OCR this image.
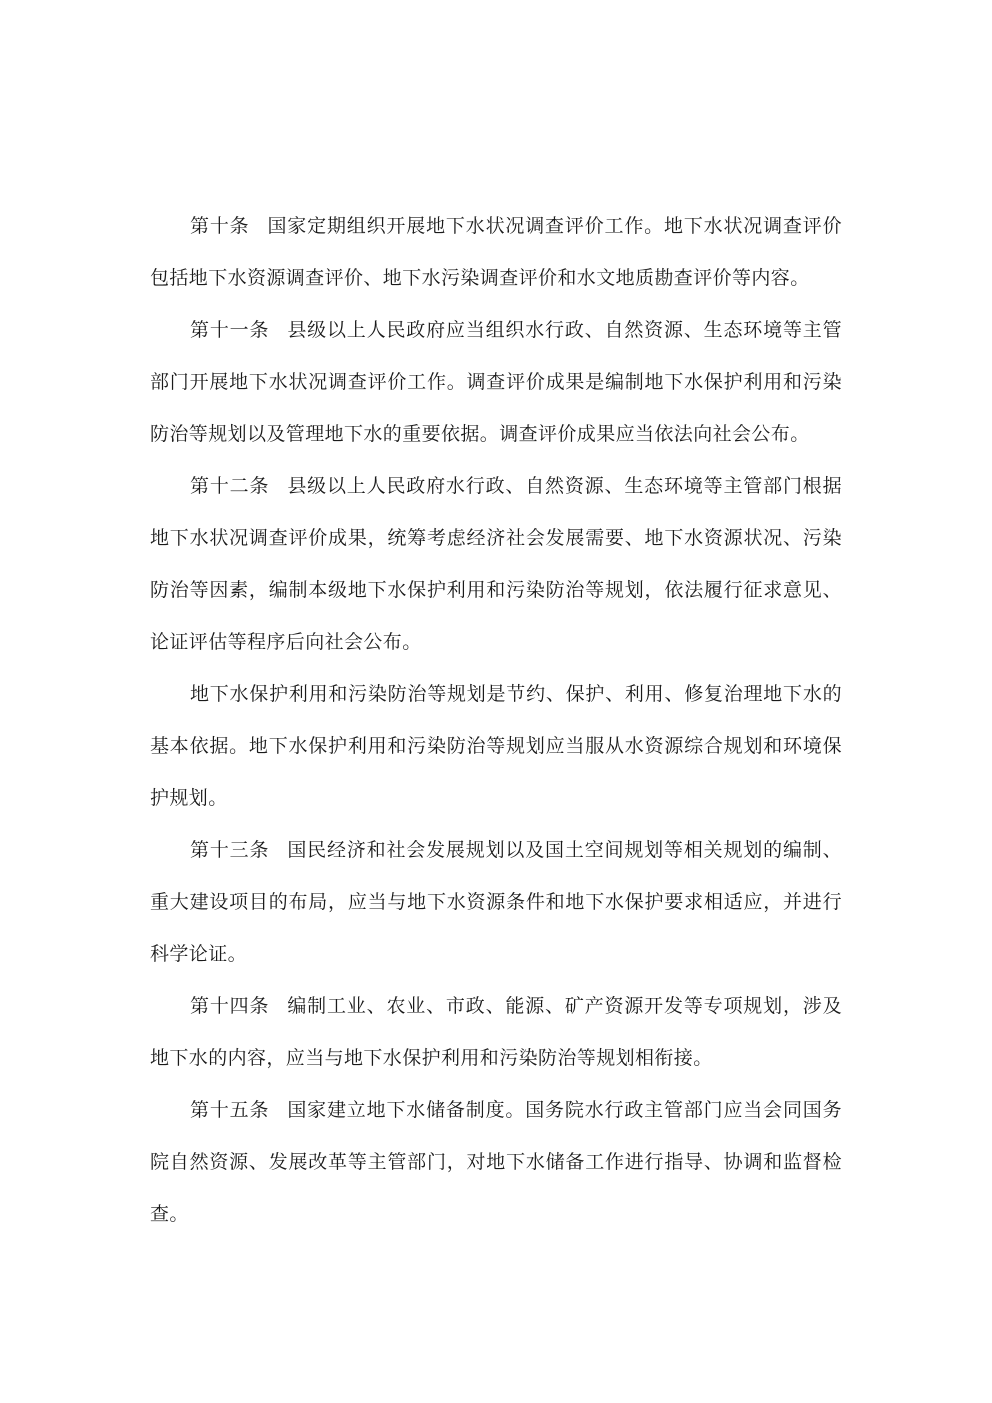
第十条 国家定期组织开展地下水状况调查评价工作。地下水状况调查评价包括地下水资源调查评价、地下水污染调查评价和水文地质勘查评价等内容。

第十一条 县级以上人民政府应当组织水行政、自然资源、生态环境等主管部门开展地下水状况调查评价工作。调查评价成果是编制地下水保护利用和污染防治等规划以及管理地下水的重要依据。调查评价成果应当依法向社会公布。

第十二条 县级以上人民政府水行政、自然资源、生态环境等主管部门根据地下水状况调查评价成果，统筹考虑经济社会发展需要、地下水资源状况、污染防治等因素，编制本级地下水保护利用和污染防治等规划，依法履行征求意见、论证评估等程序后向社会公布。

地下水保护利用和污染防治等规划是节约、保护、利用、修复治理地下水的基本依据。地下水保护利用和污染防治等规划应当服从水资源综合规划和环境保护规划。

第十三条 国民经济和社会发展规划以及国土空间规划等相关规划的编制、重大建设项目的布局，应当与地下水资源条件和地下水保护要求相适应，并进行科学论证。

第十四条 编制工业、农业、市政、能源、矿产资源开发等专项规划，涉及地下水的内容，应当与地下水保护利用和污染防治等规划相衔接。

第十五条 国家建立地下水储备制度。国务院水行政主管部门应当会同国务院自然资源、发展改革等主管部门，对地下水储备工作进行指导、协调和监督检查。
